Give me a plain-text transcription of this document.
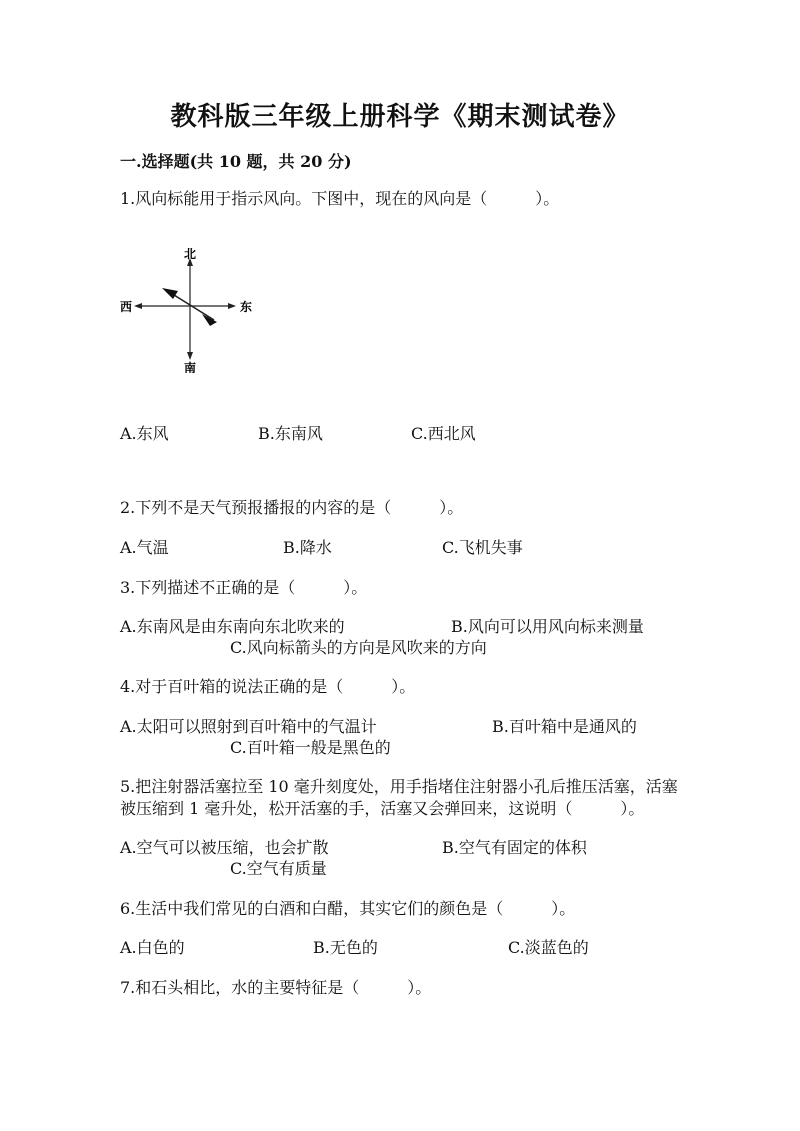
教科版三年级上册科学《期末测试卷》
一.选择题(共 10 题，共 20 分)
1.风向标能用于指示风向。下图中，现在的风向是（　　　）。
北
南
西	东
A.东风	B.东南风	C.西北风
2.下列不是天气预报播报的内容的是（　　　）。
A.气温	B.降水	C.飞机失事
3.下列描述不正确的是（　　　）。
A.东南风是由东南向东北吹来的	B.风向可以用风向标来测量
C.风向标箭头的方向是风吹来的方向
4.对于百叶箱的说法正确的是（　　　）。
A.太阳可以照射到百叶箱中的气温计	B.百叶箱中是通风的
C.百叶箱一般是黑色的
5.把注射器活塞拉至 10 毫升刻度处，用手指堵住注射器小孔后推压活塞，活塞被压缩到 1 毫升处，松开活塞的手，活塞又会弹回来，这说明（　　　）。
A.空气可以被压缩，也会扩散	B.空气有固定的体积
C.空气有质量
6.生活中我们常见的白酒和白醋，其实它们的颜色是（　　　）。
A.白色的	B.无色的	C.淡蓝色的
7.和石头相比，水的主要特征是（　　　）。
